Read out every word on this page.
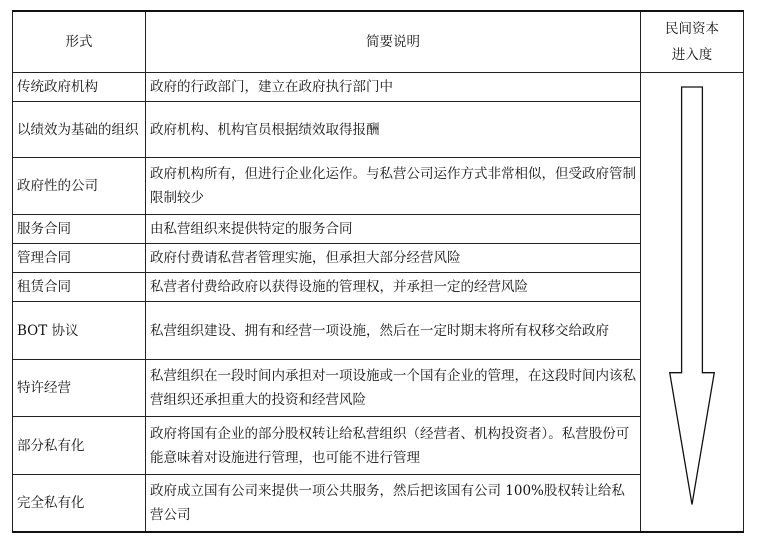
形式	简要说明	民间资本
进入度

传统政府机构	政府的行政部门，建立在政府执行部门中	

以绩效为基础的组织	政府机构、机构官员根据绩效取得报酬	
政府性的公司	政府机构所有，但进行企业化运作。与私营公司运作方式非常相似，但受政府管制限制较少	
服务合同	由私营组织来提供特定的服务合同	
管理合同	政府付费请私营者管理实施，但承担大部分经营风险	
租赁合同	私营者付费给政府以获得设施的管理权，并承担一定的经营风险	
BOT 协议	私营组织建设、拥有和经营一项设施，然后在一定时期末将所有权移交给政府	
特许经营	私营组织在一段时间内承担对一项设施或一个国有企业的管理，在这段时间内该私营组织还承担重大的投资和经营风险	
部分私有化	政府将国有企业的部分股权转让给私营组织（经营者、机构投资者）。私营股份可能意味着对设施进行管理，也可能不进行管理	
完全私有化	政府成立国有公司来提供一项公共服务，然后把该国有公司 100%股权转让给私营公司	
